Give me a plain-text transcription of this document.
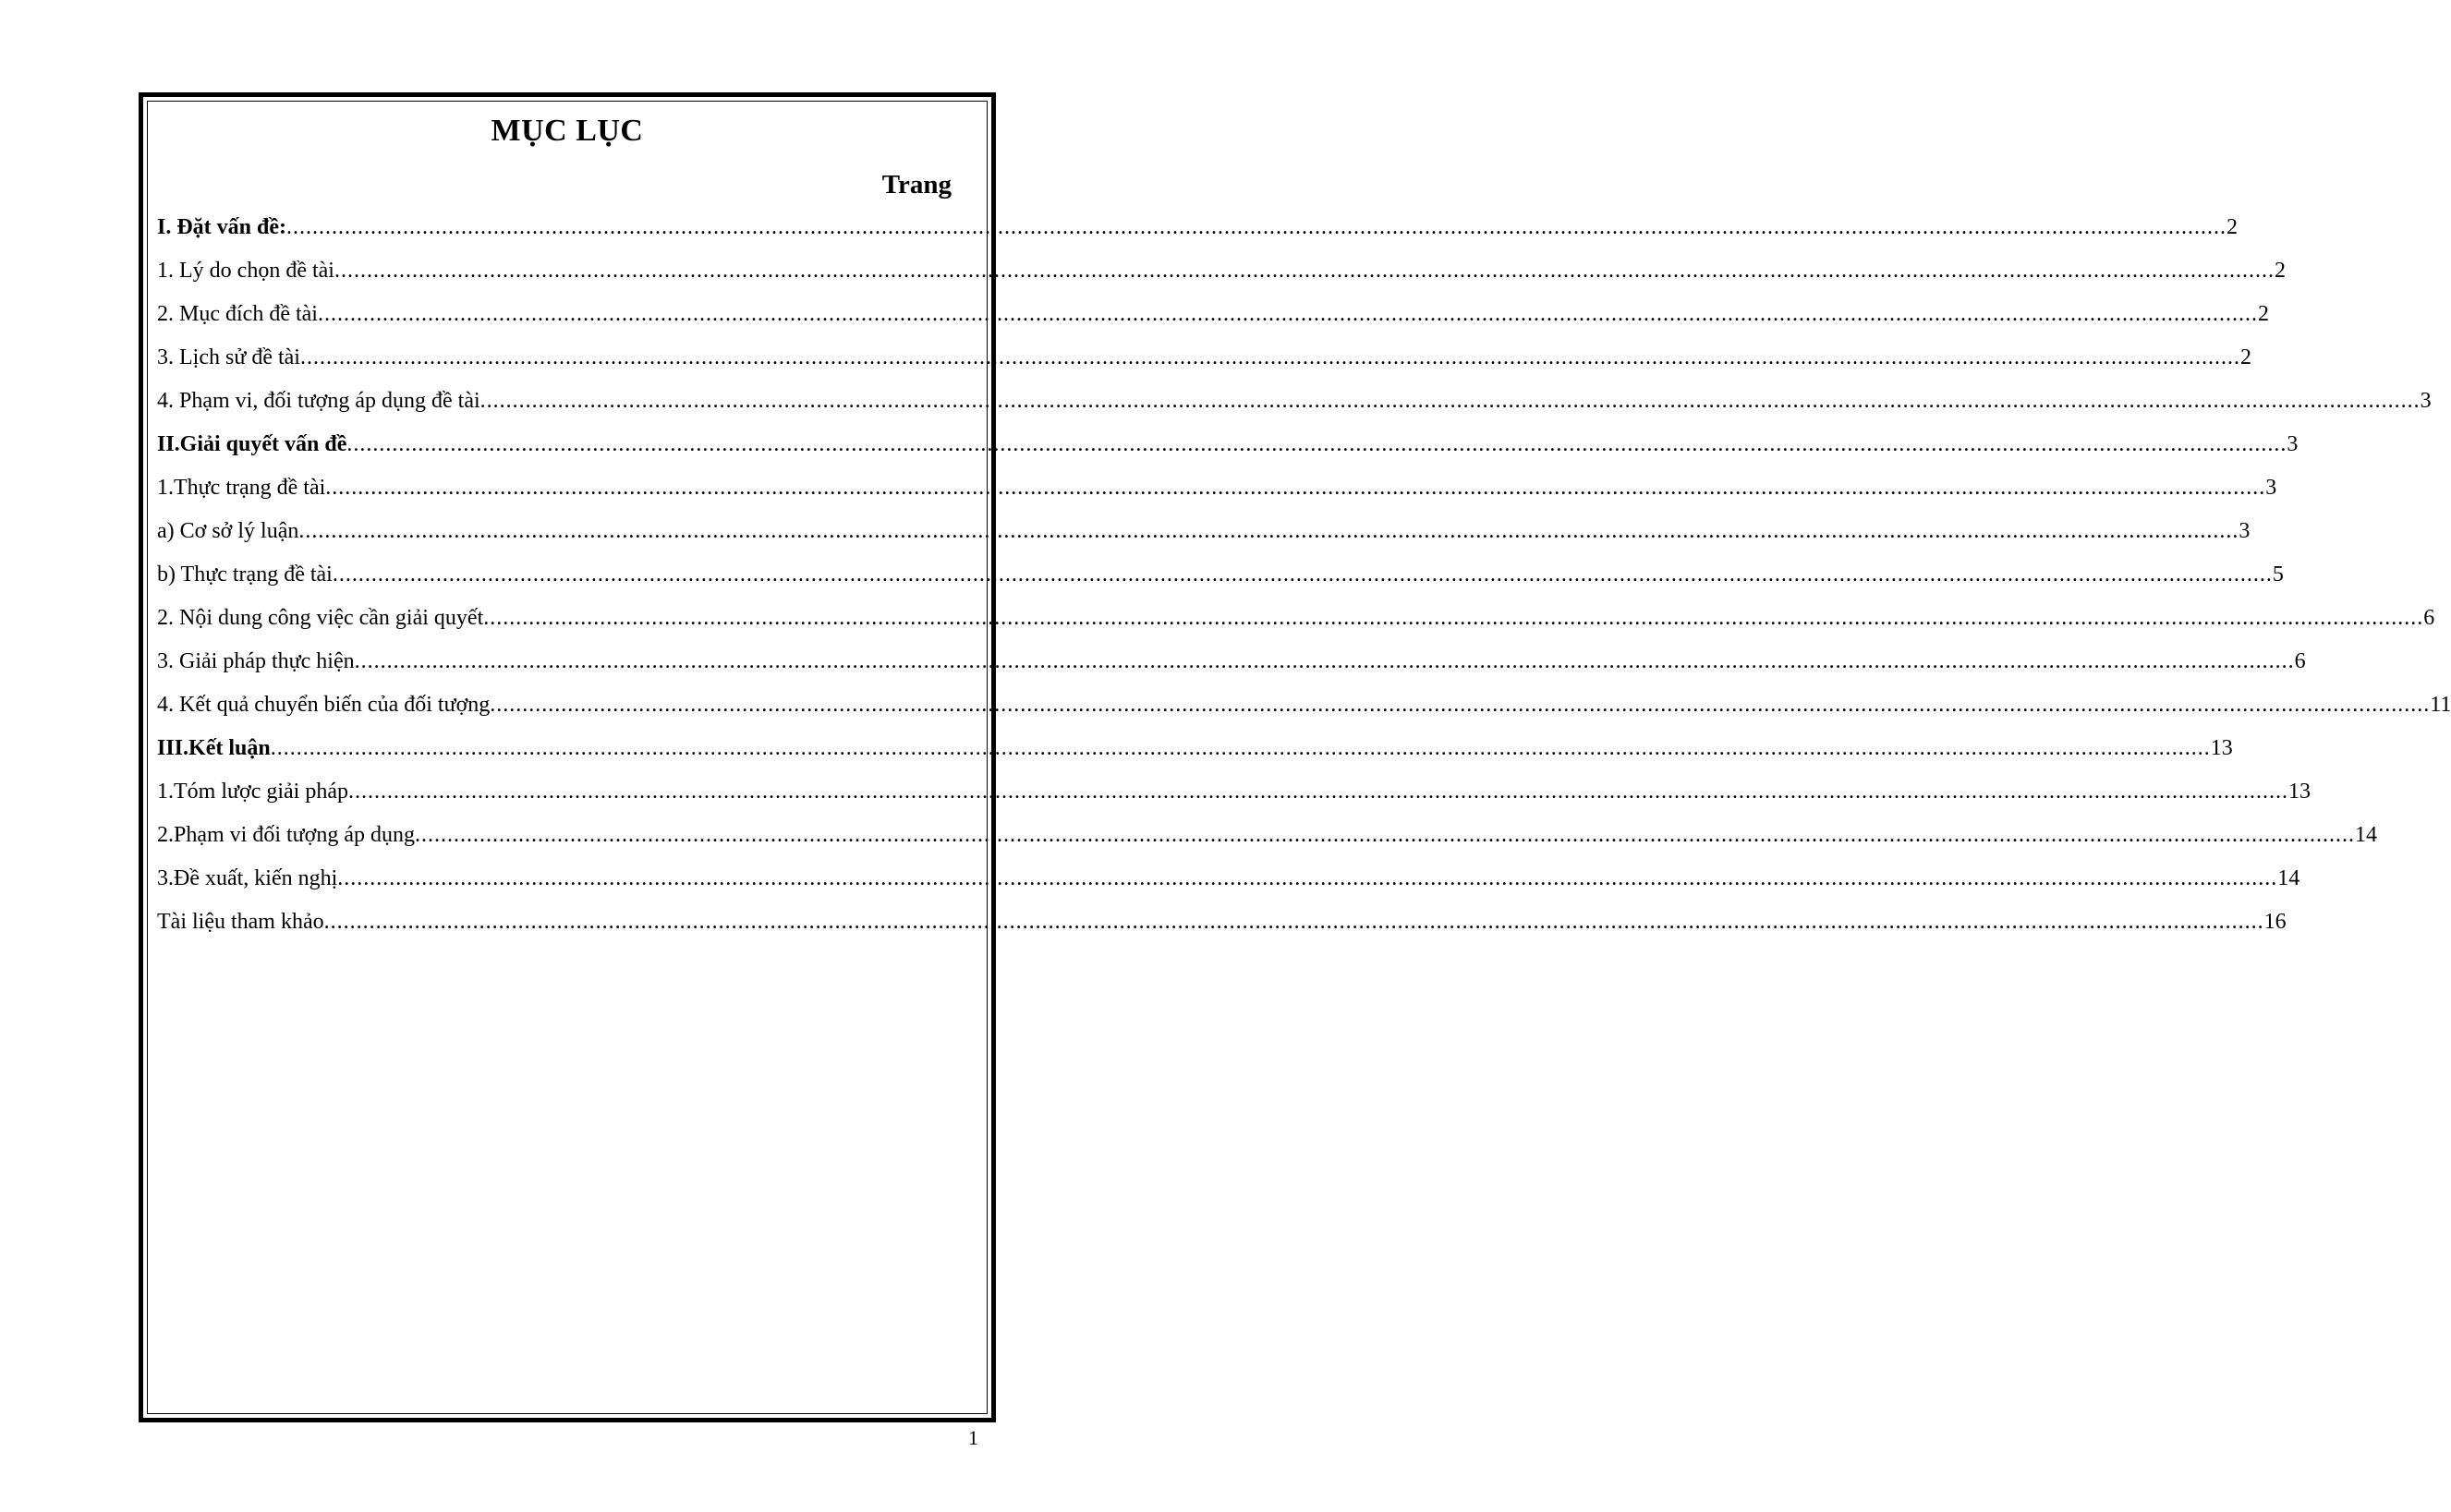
MỤC LỤC
Trang
I. Đặt vấn đề: ............................................................................................................................................................................................................................................................................................................ 2
1. Lý do chọn đề tài ............................................................................................................................................................................................................................................................................................................ 2
2. Mục đích đề tài ............................................................................................................................................................................................................................................................................................................ 2
3. Lịch sử đề tài ............................................................................................................................................................................................................................................................................................................ 2
4. Phạm vi, đối tượng áp dụng đề tài ............................................................................................................................................................................................................................................................................................................ 3
II.Giải quyết vấn đề ............................................................................................................................................................................................................................................................................................................ 3
1.Thực trạng đề tài ............................................................................................................................................................................................................................................................................................................ 3
a) Cơ sở lý luận ............................................................................................................................................................................................................................................................................................................ 3
b) Thực trạng đề tài ............................................................................................................................................................................................................................................................................................................ 5
2. Nội dung công việc cần giải quyết ............................................................................................................................................................................................................................................................................................................ 6
3. Giải pháp thực hiện ............................................................................................................................................................................................................................................................................................................ 6
4. Kết quả chuyển biến của đối tượng ............................................................................................................................................................................................................................................................................................................ 11
III.Kết luận ............................................................................................................................................................................................................................................................................................................ 13
1.Tóm lược giải pháp ............................................................................................................................................................................................................................................................................................................ 13
2.Phạm vi đối tượng áp dụng ............................................................................................................................................................................................................................................................................................................ 14
3.Đề xuất, kiến nghị ............................................................................................................................................................................................................................................................................................................ 14
Tài liệu tham khảo ............................................................................................................................................................................................................................................................................................................ 16
1
